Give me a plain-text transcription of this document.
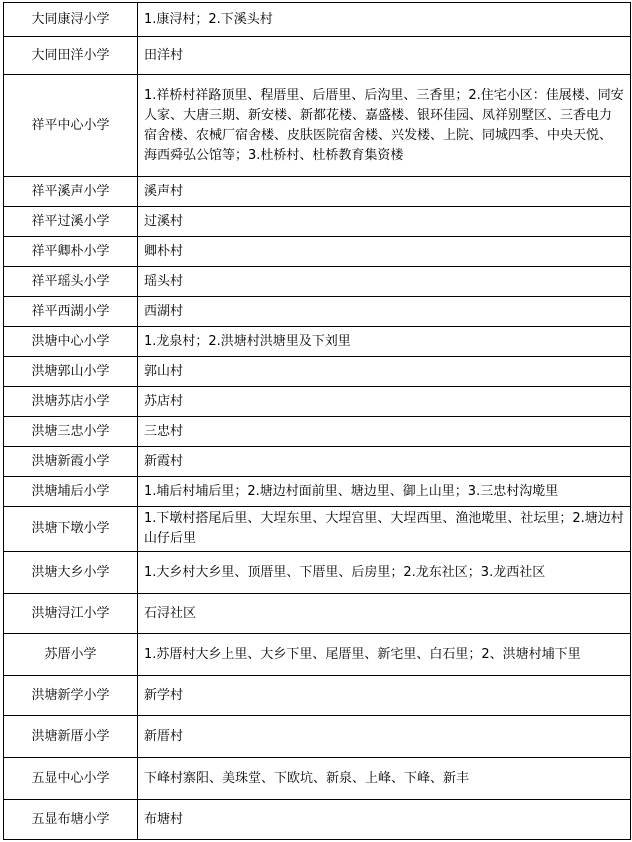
大同康浔小学	1.康浔村；2.下溪头村
大同田洋小学	田洋村
祥平中心小学	1.祥桥村祥路顶里、程厝里、后厝里、后沟里、三香里；2.住宅小区：佳展楼、同安人家、大唐三期、新安楼、新都花楼、嘉盛楼、银环佳园、凤祥别墅区、三香电力宿舍楼、农械厂宿舍楼、皮肤医院宿舍楼、兴发楼、上院、同城四季、中央天悦、海西舜弘公馆等；3.杜桥村、杜桥教育集资楼
祥平溪声小学	溪声村
祥平过溪小学	过溪村
祥平卿朴小学	卿朴村
祥平瑶头小学	瑶头村
祥平西湖小学	西湖村
洪塘中心小学	1.龙泉村；2.洪塘村洪塘里及下刘里
洪塘郭山小学	郭山村
洪塘苏店小学	苏店村
洪塘三忠小学	三忠村
洪塘新霞小学	新霞村
洪塘埔后小学	1.埔后村埔后里；2.塘边村面前里、塘边里、御上山里；3.三忠村沟墘里
洪塘下墩小学	1.下墩村搭尾后里、大埕东里、大埕宫里、大埕西里、渔池墘里、社坛里；2.塘边村山仔后里
洪塘大乡小学	1.大乡村大乡里、顶厝里、下厝里、后房里；2.龙东社区；3.龙西社区
洪塘浔江小学	石浔社区
苏厝小学	1.苏厝村大乡上里、大乡下里、尾厝里、新宅里、白石里；2、洪塘村埔下里
洪塘新学小学	新学村
洪塘新厝小学	新厝村
五显中心小学	下峰村寨阳、美珠堂、下欧坑、新泉、上峰、下峰、新丰
五显布塘小学	布塘村
